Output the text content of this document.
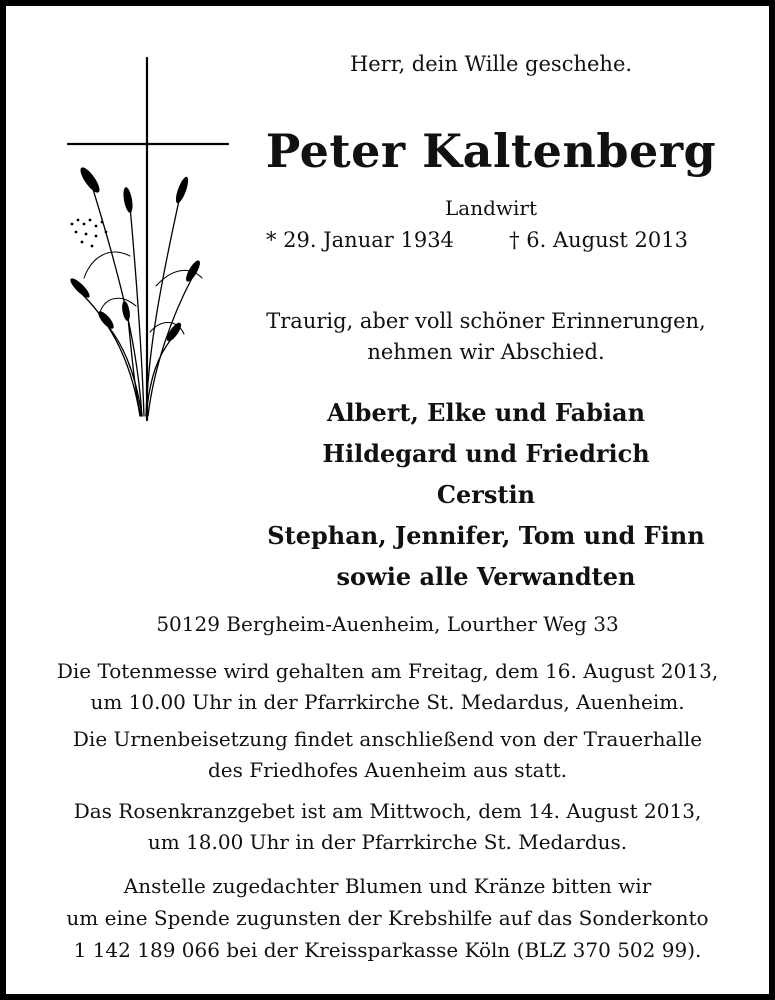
Herr, dein Wille geschehe.
Peter Kaltenberg
Landwirt
* 29. Januar 1934	† 6. August 2013
Traurig, aber voll schöner Erinnerungen,
nehmen wir Abschied.
Albert, Elke und Fabian
Hildegard und Friedrich
Cerstin
Stephan, Jennifer, Tom und Finn
sowie alle Verwandten
50129 Bergheim-Auenheim, Lourther Weg 33
Die Totenmesse wird gehalten am Freitag, dem 16. August 2013,
um 10.00 Uhr in der Pfarrkirche St. Medardus, Auenheim.
Die Urnenbeisetzung findet anschließend von der Trauerhalle
des Friedhofes Auenheim aus statt.
Das Rosenkranzgebet ist am Mittwoch, dem 14. August 2013,
um 18.00 Uhr in der Pfarrkirche St. Medardus.
Anstelle zugedachter Blumen und Kränze bitten wir
um eine Spende zugunsten der Krebshilfe auf das Sonderkonto
1 142 189 066 bei der Kreissparkasse Köln (BLZ 370 502 99).
